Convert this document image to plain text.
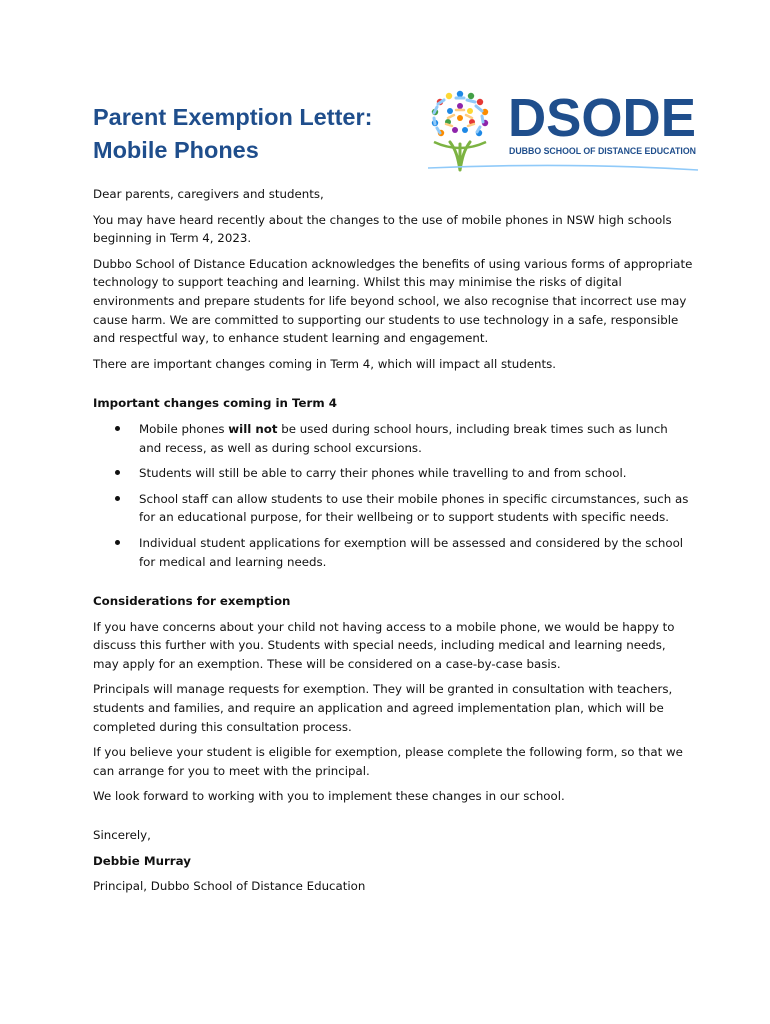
Parent Exemption Letter:
Mobile Phones
DSODE
DUBBO SCHOOL OF DISTANCE EDUCATION

Dear parents, caregivers and students,

You may have heard recently about the changes to the use of mobile phones in NSW high schools beginning in Term 4, 2023.

Dubbo School of Distance Education acknowledges the benefits of using various forms of appropriate technology to support teaching and learning. Whilst this may minimise the risks of digital environments and prepare students for life beyond school, we also recognise that incorrect use may cause harm. We are committed to supporting our students to use technology in a safe, responsible and respectful way, to enhance student learning and engagement.

There are important changes coming in Term 4, which will impact all students.

Important changes coming in Term 4

Mobile phones will not be used during school hours, including break times such as lunch and recess, as well as during school excursions.
Students will still be able to carry their phones while travelling to and from school.
School staff can allow students to use their mobile phones in specific circumstances, such as for an educational purpose, for their wellbeing or to support students with specific needs.
Individual student applications for exemption will be assessed and considered by the school for medical and learning needs.

Considerations for exemption

If you have concerns about your child not having access to a mobile phone, we would be happy to discuss this further with you. Students with special needs, including medical and learning needs, may apply for an exemption. These will be considered on a case-by-case basis.

Principals will manage requests for exemption. They will be granted in consultation with teachers, students and families, and require an application and agreed implementation plan, which will be completed during this consultation process.

If you believe your student is eligible for exemption, please complete the following form, so that we can arrange for you to meet with the principal.

We look forward to working with you to implement these changes in our school.

Sincerely,

Debbie Murray

Principal, Dubbo School of Distance Education
